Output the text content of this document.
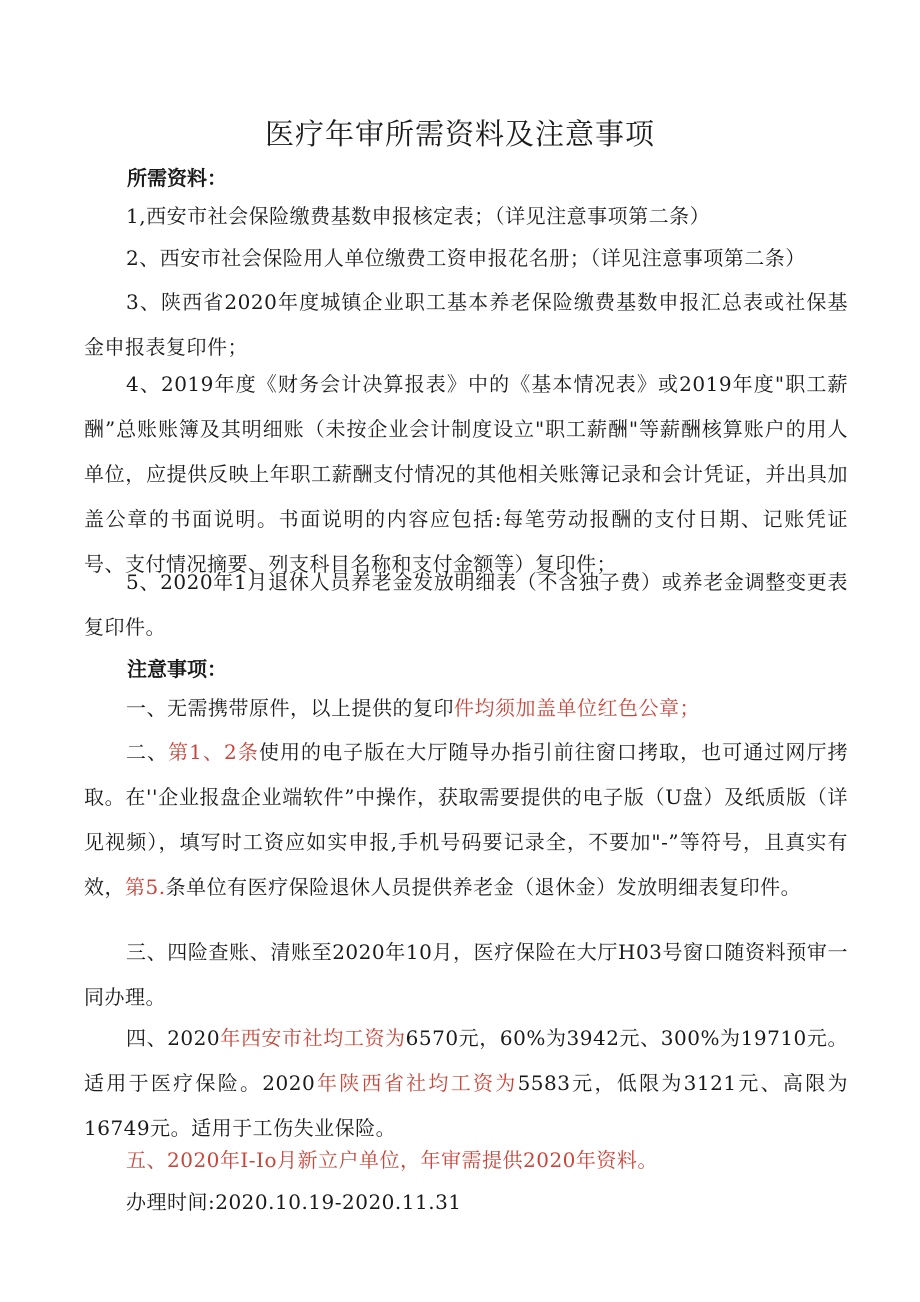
医疗年审所需资料及注意事项
所需资料：
1,西安市社会保险缴费基数申报核定表；（详见注意事项第二条）
2、西安市社会保险用人单位缴费工资申报花名册；（详见注意事项第二条）
3、陕西省2020年度城镇企业职工基本养老保险缴费基数申报汇总表或社保基金申报表复印件；
4、2019年度《财务会计决算报表》中的《基本情况表》或2019年度"职工薪酬”总账账簿及其明细账（未按企业会计制度设立"职工薪酬"等薪酬核算账户的用人单位，应提供反映上年职工薪酬支付情况的其他相关账簿记录和会计凭证，并出具加盖公章的书面说明。书面说明的内容应包括:每笔劳动报酬的支付日期、记账凭证号、支付情况摘要、列支科目名称和支付金额等）复印件；
5、2020年1月退休人员养老金发放明细表（不含独子费）或养老金调整变更表复印件。
注意事项：
一、无需携带原件，以上提供的复印件均须加盖单位红色公章；
二、第1、2条使用的电子版在大厅随导办指引前往窗口拷取，也可通过网厅拷取。在''企业报盘企业端软件”中操作，获取需要提供的电子版（U盘）及纸质版（详见视频），填写时工资应如实申报,手机号码要记录全，不要加"-”等符号，且真实有效，第5.条单位有医疗保险退休人员提供养老金（退休金）发放明细表复印件。
三、四险查账、清账至2020年10月，医疗保险在大厅H03号窗口随资料预审一同办理。
四、2020年西安市社均工资为6570元，60%为3942元、300%为19710元。适用于医疗保险。2020年陕西省社均工资为5583元，低限为3121元、高限为16749元。适用于工伤失业保险。
五、2020年I-Io月新立户单位，年审需提供2020年资料。
办理时间:2020.10.19-2020.11.31
